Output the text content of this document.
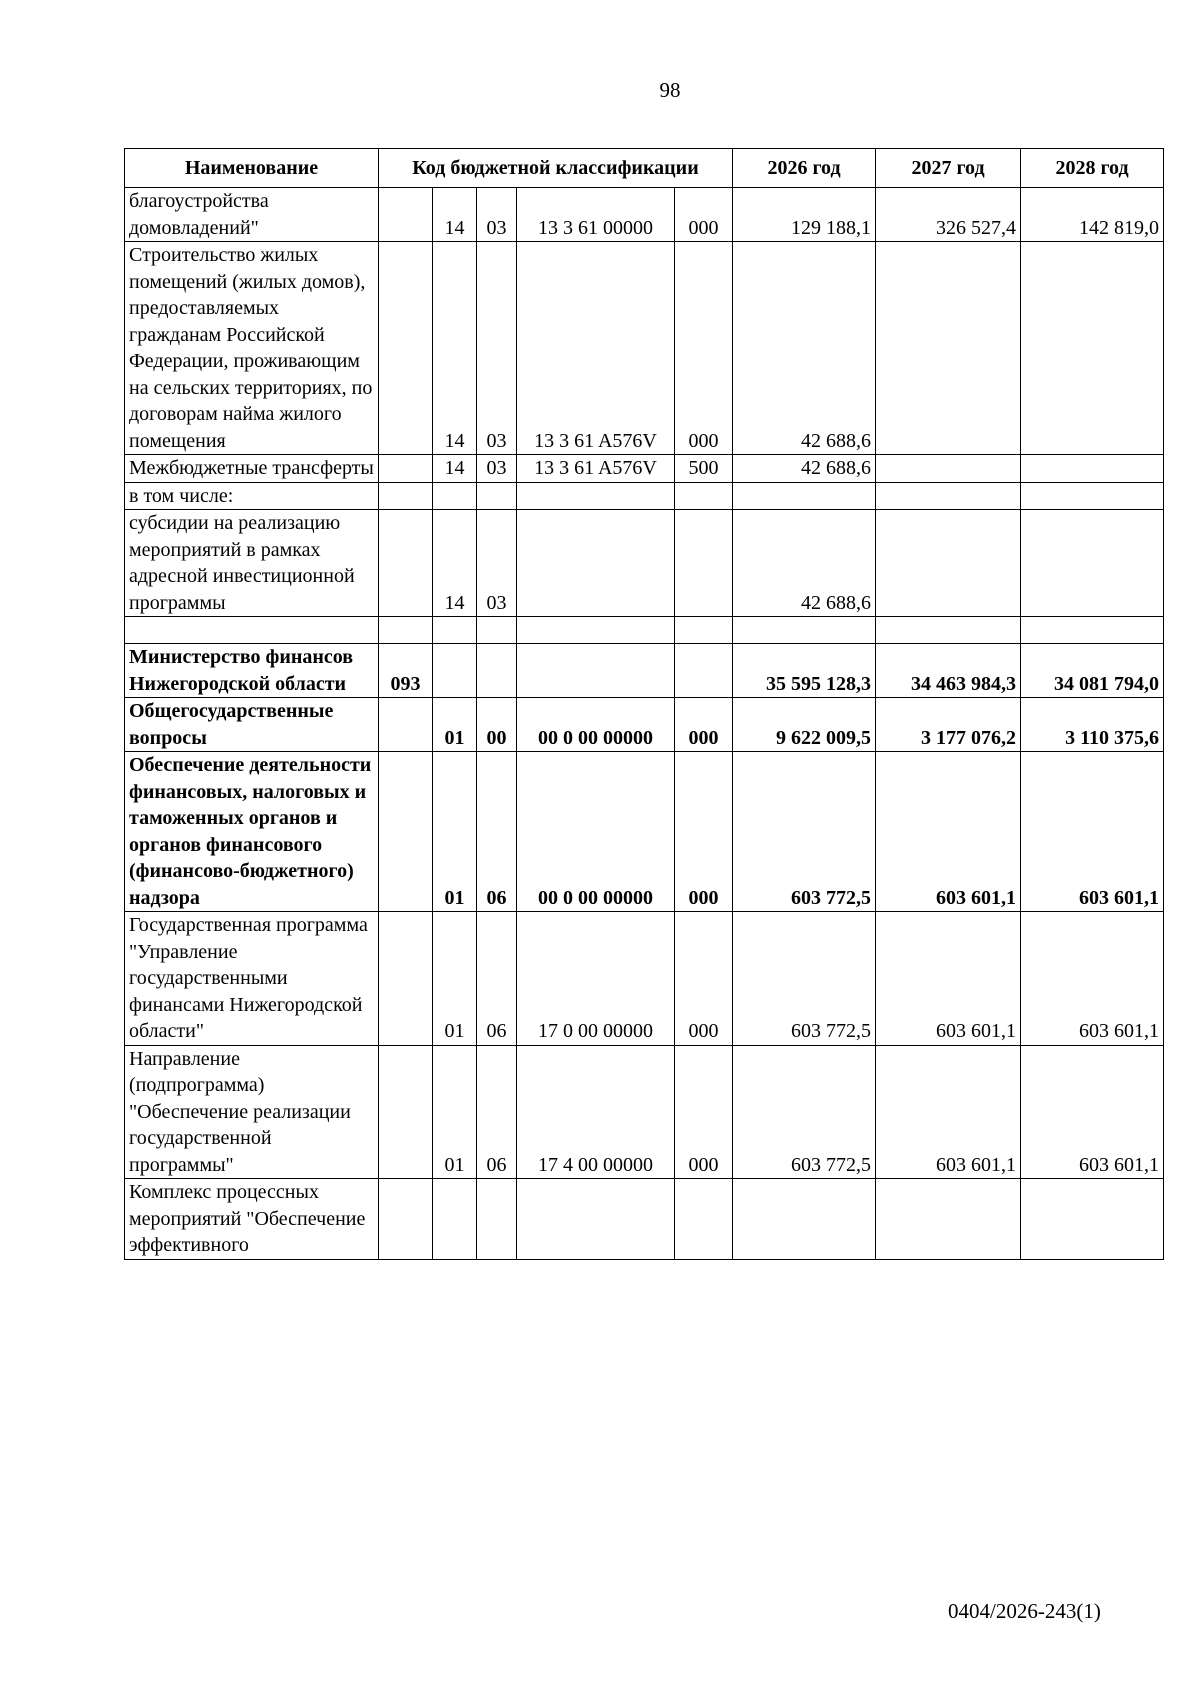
98
Наименование	Код бюджетной классификации					2026 год	2027 год	2028 год
благоустройства домовладений"		14	03	13 3 61 00000	000	129 188,1	326 527,4	142 819,0
Строительство жилых помещений (жилых домов), предоставляемых гражданам Российской Федерации, проживающим на сельских территориях, по договорам найма жилого помещения		14	03	13 3 61 A576V	000	42 688,6		
Межбюджетные трансферты		14	03	13 3 61 A576V	500	42 688,6		
в том числе:								
субсидии на реализацию мероприятий в рамках адресной инвестиционной программы		14	03			42 688,6		

Министерство финансов Нижегородской области	093					35 595 128,3	34 463 984,3	34 081 794,0
Общегосударственные вопросы		01	00	00 0 00 00000	000	9 622 009,5	3 177 076,2	3 110 375,6
Обеспечение деятельности финансовых, налоговых и таможенных органов и органов финансового (финансово-бюджетного) надзора		01	06	00 0 00 00000	000	603 772,5	603 601,1	603 601,1
Государственная программа "Управление государственными финансами Нижегородской области"		01	06	17 0 00 00000	000	603 772,5	603 601,1	603 601,1
Направление (подпрограмма) "Обеспечение реализации государственной программы"		01	06	17 4 00 00000	000	603 772,5	603 601,1	603 601,1
Комплекс процессных мероприятий "Обеспечение эффективного								
0404/2026-243(1)
